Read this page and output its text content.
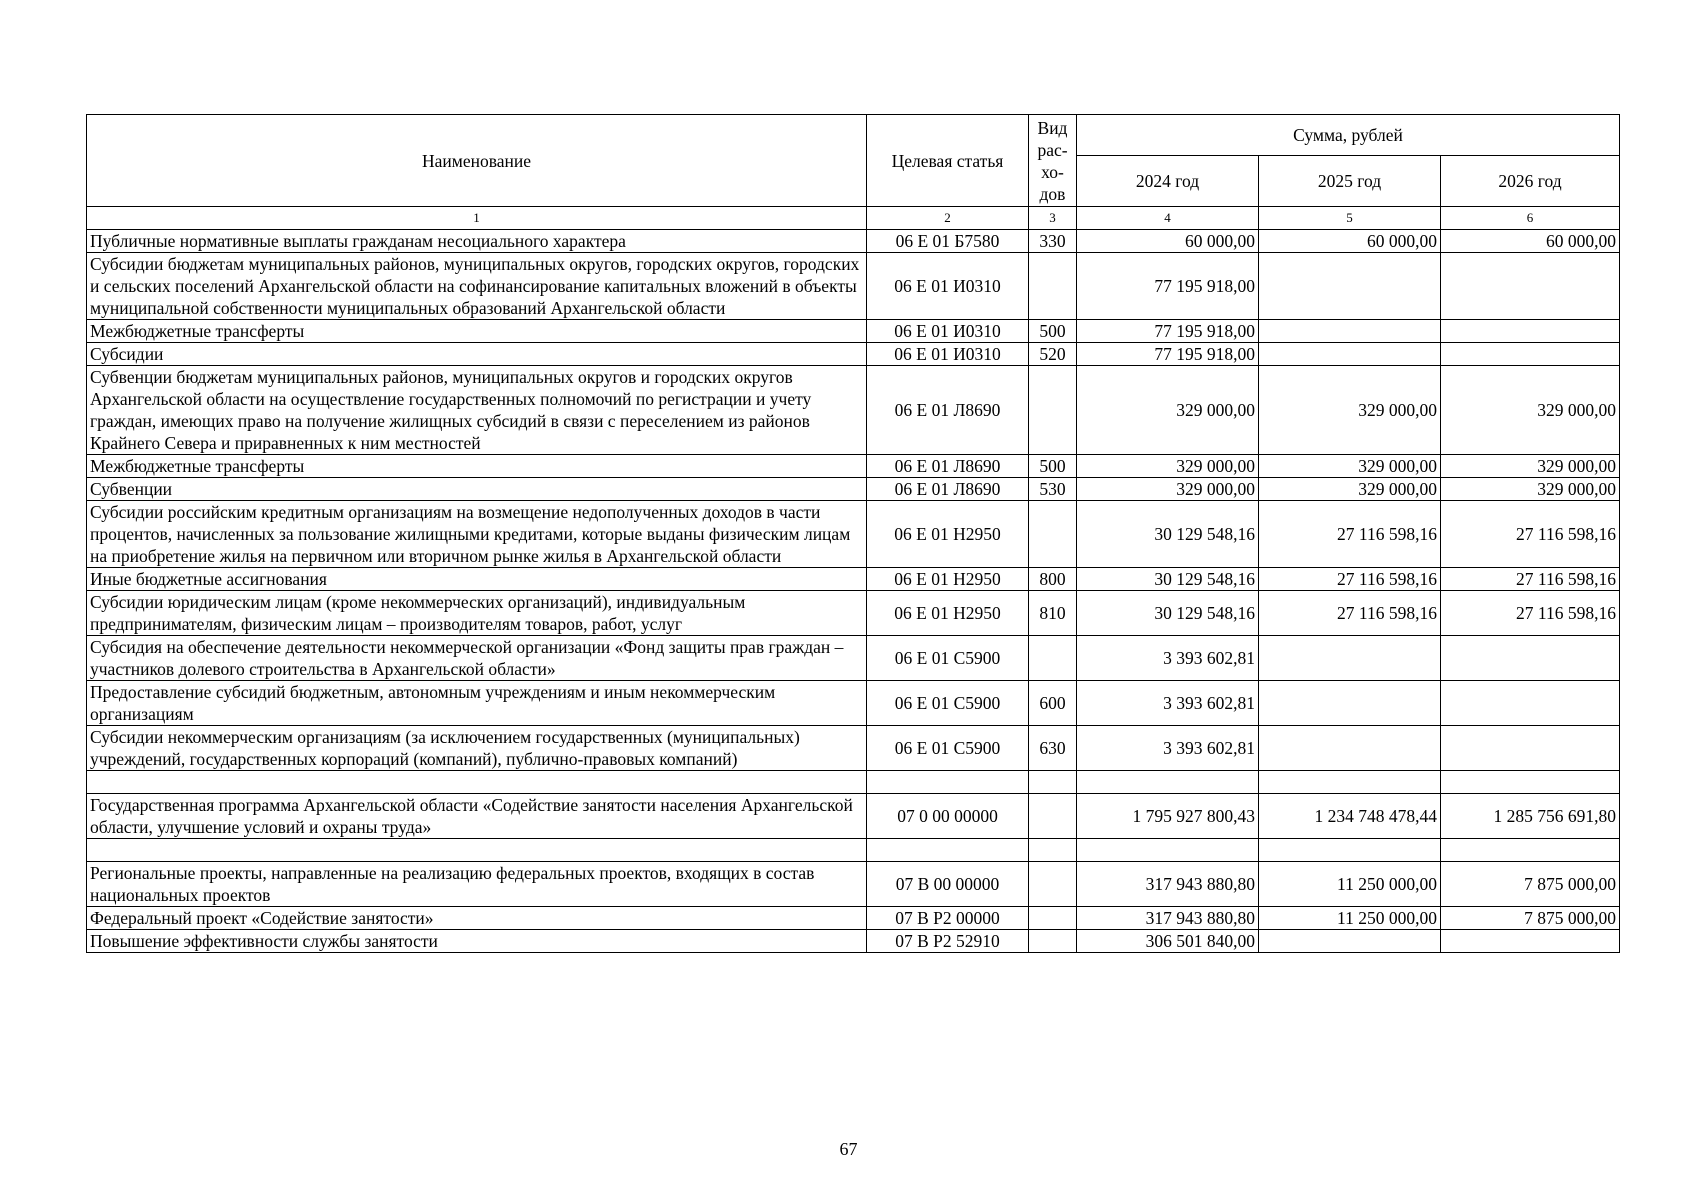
Наименование	Целевая статья	Вид рас-хо-дов	Сумма, рублей		
			2024 год	2025 год	2026 год
1	2	3	4	5	6
Публичные нормативные выплаты гражданам несоциального характера	06 Е 01 Б7580	330	60 000,00	60 000,00	60 000,00
Субсидии бюджетам муниципальных районов, муниципальных округов, городских округов, городских и сельских поселений Архангельской области на софинансирование капитальных вложений в объекты муниципальной собственности муниципальных образований Архангельской области	06 Е 01 И0310		77 195 918,00		
Межбюджетные трансферты	06 Е 01 И0310	500	77 195 918,00		
Субсидии	06 Е 01 И0310	520	77 195 918,00		
Субвенции бюджетам муниципальных районов, муниципальных округов и городских округов Архангельской области на осуществление государственных полномочий по регистрации и учету граждан, имеющих право на получение жилищных субсидий в связи с переселением из районов Крайнего Севера и приравненных к ним местностей	06 Е 01 Л8690		329 000,00	329 000,00	329 000,00
Межбюджетные трансферты	06 Е 01 Л8690	500	329 000,00	329 000,00	329 000,00
Субвенции	06 Е 01 Л8690	530	329 000,00	329 000,00	329 000,00
Субсидии российским кредитным организациям на возмещение недополученных доходов в части процентов, начисленных за пользование жилищными кредитами, которые выданы физическим лицам на приобретение жилья на первичном или вторичном рынке жилья в Архангельской области	06 Е 01 Н2950		30 129 548,16	27 116 598,16	27 116 598,16
Иные бюджетные ассигнования	06 Е 01 Н2950	800	30 129 548,16	27 116 598,16	27 116 598,16
Субсидии юридическим лицам (кроме некоммерческих организаций), индивидуальным предпринимателям, физическим лицам – производителям товаров, работ, услуг	06 Е 01 Н2950	810	30 129 548,16	27 116 598,16	27 116 598,16
Субсидия на обеспечение деятельности некоммерческой организации «Фонд защиты прав граждан – участников долевого строительства в Архангельской области»	06 Е 01 С5900		3 393 602,81		
Предоставление субсидий бюджетным, автономным учреждениям и иным некоммерческим организациям	06 Е 01 С5900	600	3 393 602,81		
Субсидии некоммерческим организациям (за исключением государственных (муниципальных) учреждений, государственных корпораций (компаний), публично-правовых компаний)	06 Е 01 С5900	630	3 393 602,81		

Государственная программа Архангельской области «Содействие занятости населения Архангельской области, улучшение условий и охраны труда»	07 0 00 00000		1 795 927 800,43	1 234 748 478,44	1 285 756 691,80

Региональные проекты, направленные на реализацию федеральных проектов, входящих в состав национальных проектов	07 В 00 00000		317 943 880,80	11 250 000,00	7 875 000,00
Федеральный проект «Содействие занятости»	07 В Р2 00000		317 943 880,80	11 250 000,00	7 875 000,00
Повышение эффективности службы занятости	07 В Р2 52910		306 501 840,00		
67
